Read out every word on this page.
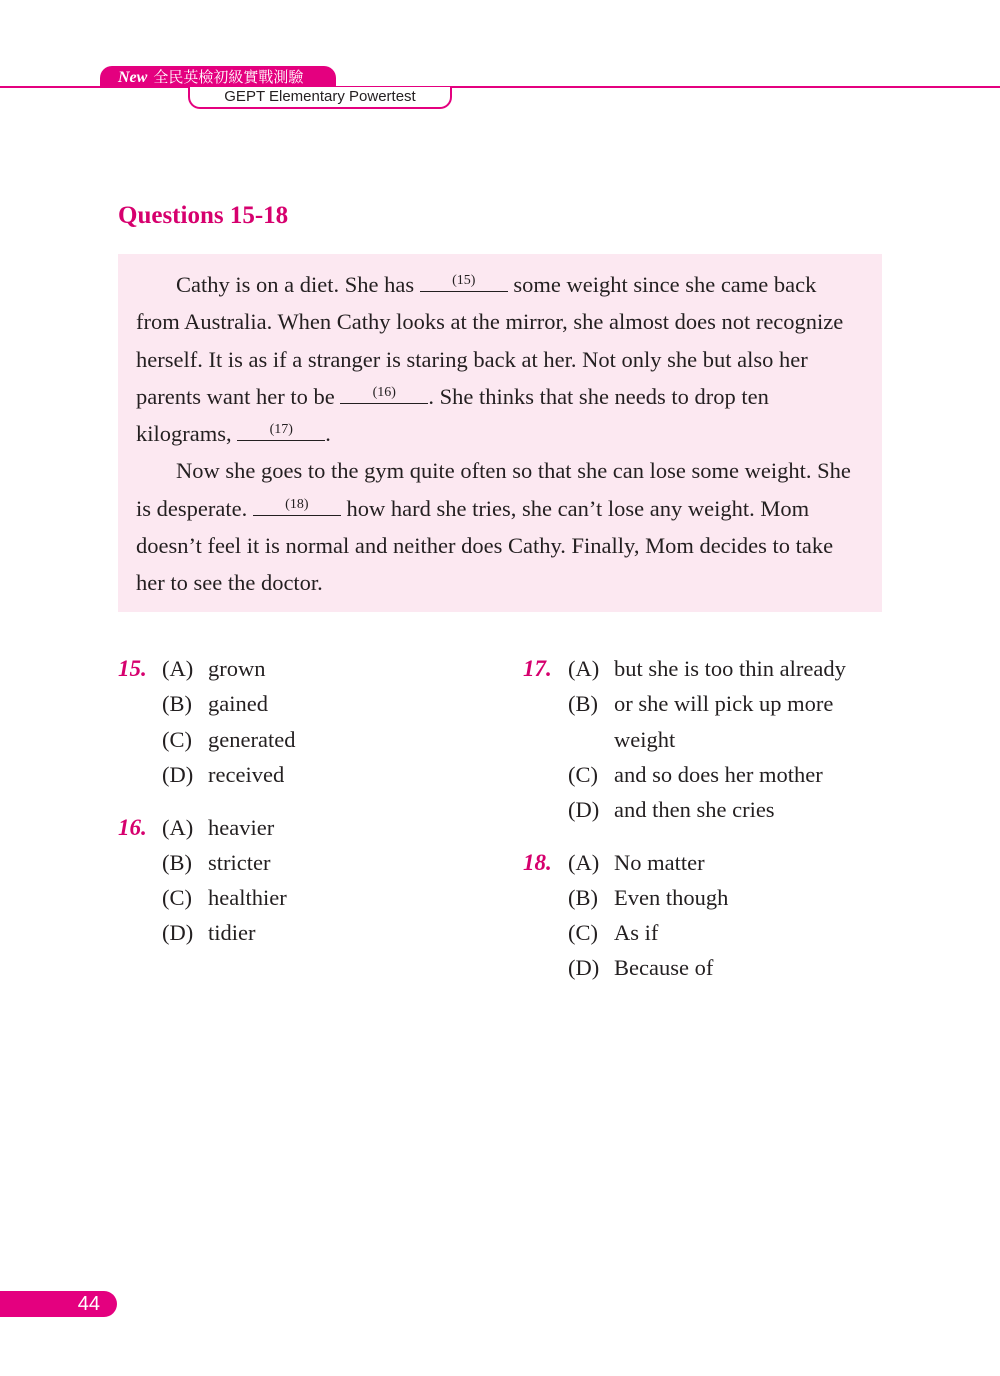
New 全民英檢初級實戰測驗
GEPT Elementary Powertest
Questions 15-18

Cathy is on a diet. She has	(15)	some weight since she came back from Australia. When Cathy looks at the mirror, she almost does not recognize herself. It is as if a stranger is staring back at her. Not only she but also her parents want her to be	(16)	. She thinks that she needs to drop ten kilograms,	(17)	.

Now she goes to the gym quite often so that she can lose some weight. She is desperate.	(18)	how hard she tries, she can’t lose any weight. Mom doesn’t feel it is normal and neither does Cathy. Finally, Mom decides to take her to see the doctor.

15. (A) grown
(B) gained
(C) generated
(D) received
16. (A) heavier
(B) stricter
(C) healthier
(D) tidier
17. (A) but she is too thin already
(B) or she will pick up more
weight
(C) and so does her mother
(D) and then she cries
18. (A) No matter
(B) Even though
(C) As if
(D) Because of
44
